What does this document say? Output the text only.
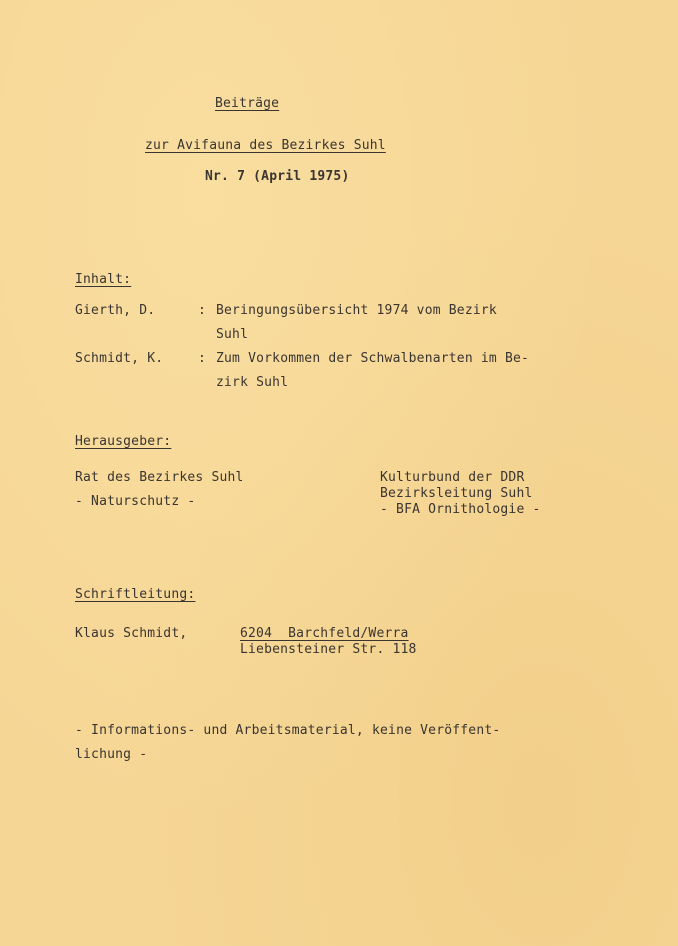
Beiträge
zur Avifauna des Bezirkes Suhl
Nr. 7 (April 1975)
Inhalt:
Gierth, D.	: Beringungsübersicht 1974 vom Bezirk
Suhl
Schmidt, K.	: Zum Vorkommen der Schwalbenarten im Be-
zirk Suhl
Herausgeber:
Rat des Bezirkes Suhl
- Naturschutz -
Kulturbund der DDR
Bezirksleitung Suhl
- BFA Ornithologie -
Schriftleitung:
Klaus Schmidt,	6204  Barchfeld/Werra
Liebensteiner Str. 118
- Informations- und Arbeitsmaterial, keine Veröffent-
lichung -
